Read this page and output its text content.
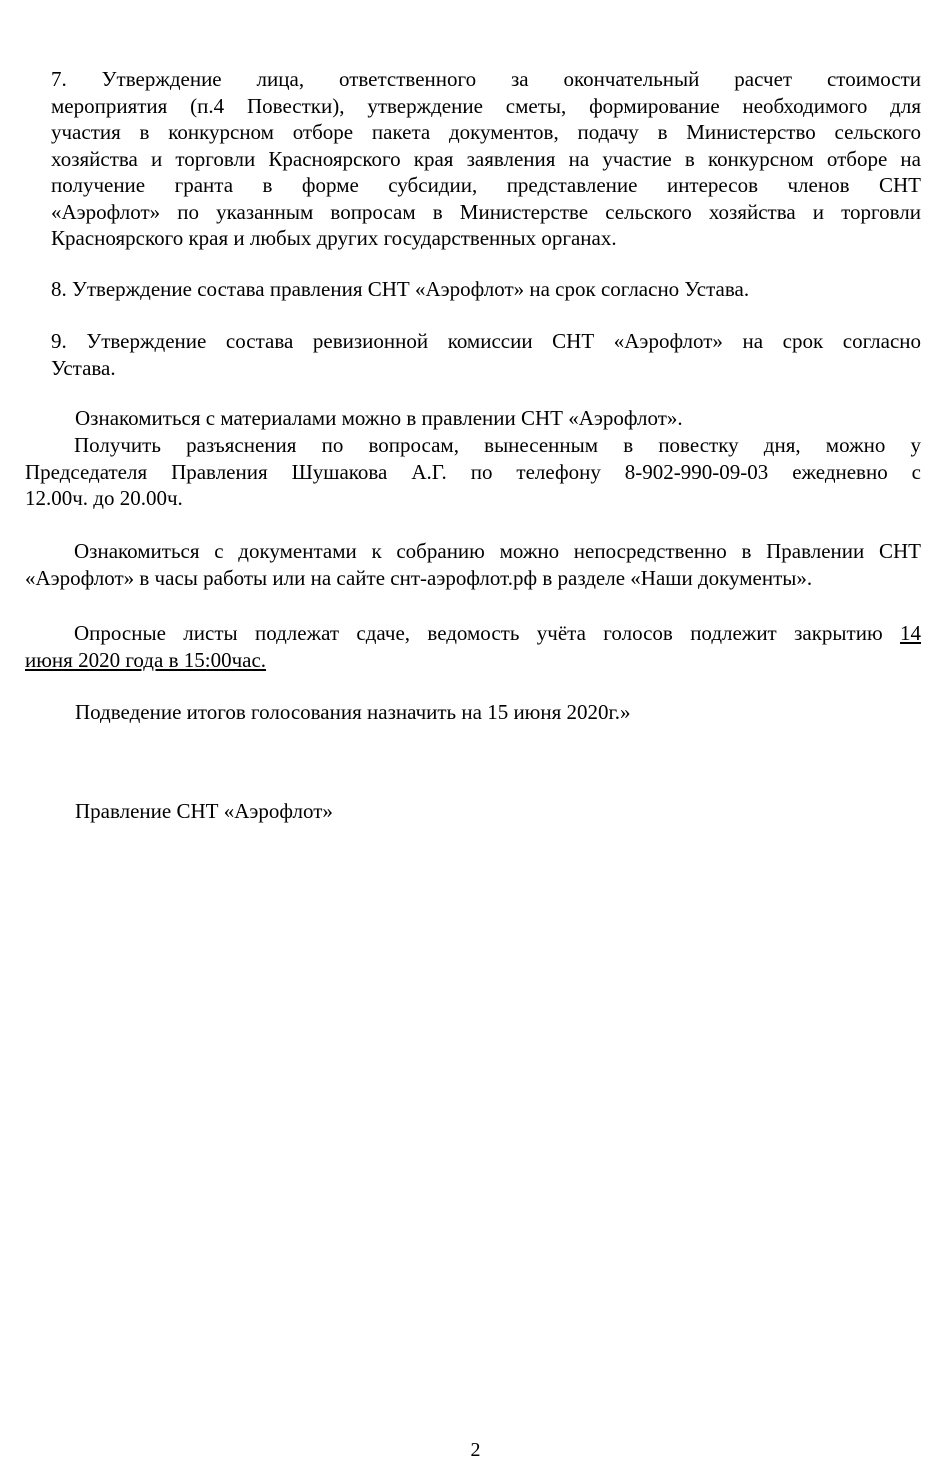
7. Утверждение лица, ответственного за окончательный расчет стоимости
мероприятия (п.4 Повестки), утверждение сметы, формирование необходимого для
участия в конкурсном отборе пакета документов, подачу в Министерство сельского
хозяйства и торговли Красноярского края заявления на участие в конкурсном отборе на
получение гранта в форме субсидии, представление интересов членов СНТ
«Аэрофлот» по указанным вопросам в Министерстве сельского хозяйства и торговли
Красноярского края и любых других государственных органах.
8. Утверждение состава правления СНТ «Аэрофлот» на срок согласно Устава.
9. Утверждение состава ревизионной комиссии СНТ «Аэрофлот» на срок согласно
Устава.
Ознакомиться с материалами можно в правлении СНТ «Аэрофлот».
Получить разъяснения по вопросам, вынесенным в повестку дня, можно у
Председателя Правления Шушакова А.Г. по телефону 8-902-990-09-03 ежедневно с
12.00ч. до 20.00ч.
Ознакомиться с документами к собранию можно непосредственно в Правлении СНТ
«Аэрофлот» в часы работы или на сайте снт-аэрофлот.рф в разделе «Наши документы».
Опросные листы подлежат сдаче, ведомость учёта голосов подлежит закрытию 14
июня 2020 года в 15:00час.
Подведение итогов голосования назначить на 15 июня 2020г.»
Правление СНТ «Аэрофлот»
2
